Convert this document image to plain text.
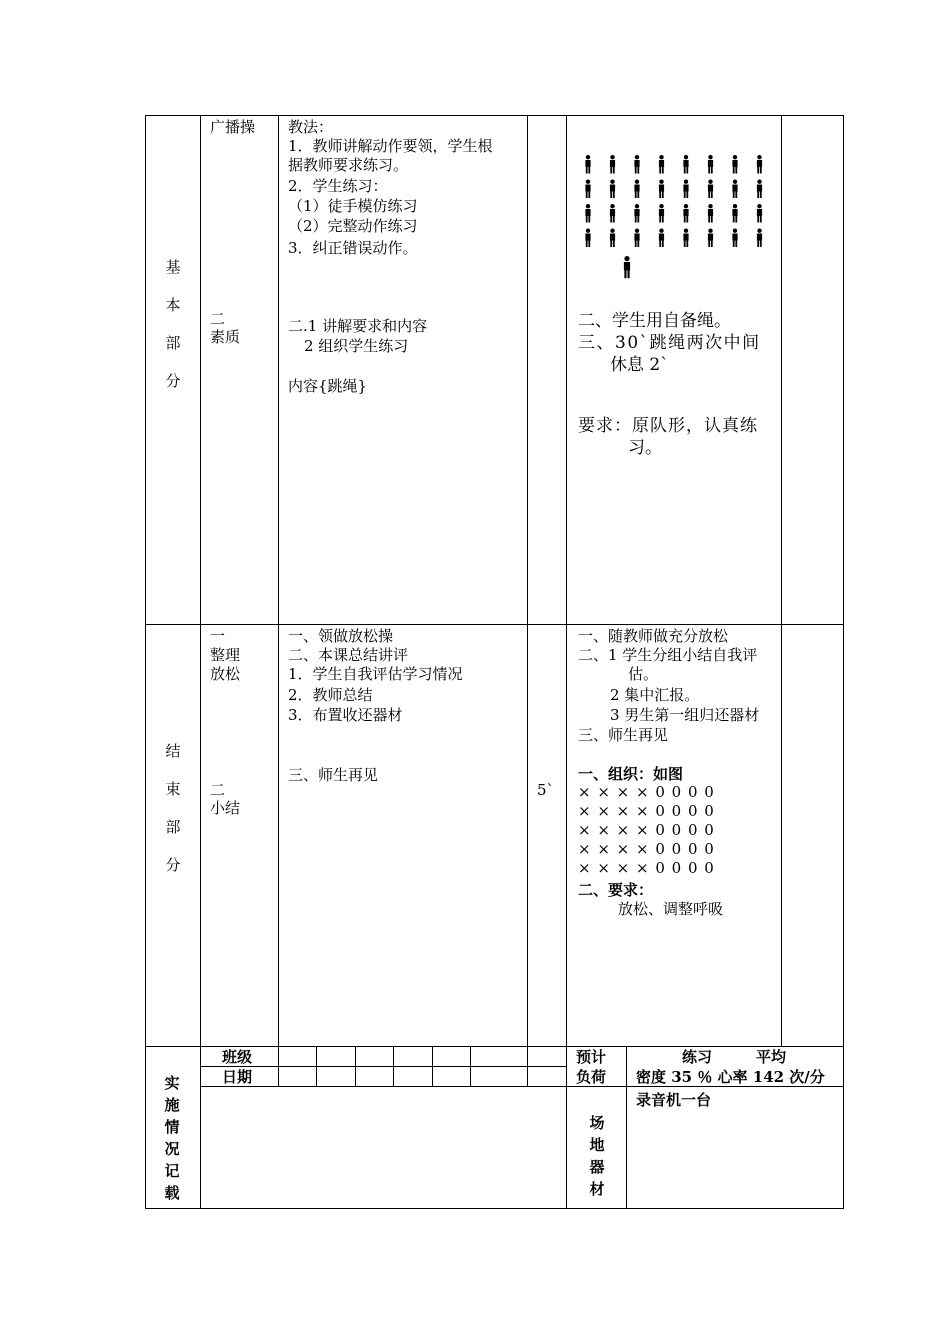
基
本
部
分
广播操
二
素质
教法：
1．教师讲解动作要领，学生根
据教师要求练习。
2．学生练习：
（1）徒手模仿练习
（2）完整动作练习
3．纠正错误动作。
二.1 讲解要求和内容
2 组织学生练习
内容{跳绳}
二、学生用自备绳。
三、30`跳绳两次中间
休息 2`
要求：原队形，认真练
习。
结
束
部
分
一
整理
放松
二
小结
一、领做放松操
二、本课总结讲评
1．学生自我评估学习情况
2．教师总结
3．布置收还器材
三、师生再见
5`
一、随教师做充分放松
二、1 学生分组小结自我评
估。
2 集中汇报。
3 男生第一组归还器材
三、师生再见
一、组织：如图
× × × × 0 0 0 0
× × × × 0 0 0 0
× × × × 0 0 0 0
× × × × 0 0 0 0
× × × × 0 0 0 0
二、要求：
放松、调整呼吸
实
施
情
况
记
载
班级
日期
预计
负荷
练习	平均
密度 35 ％ 心率 142 次/分
场
地
器
材
录音机一台
